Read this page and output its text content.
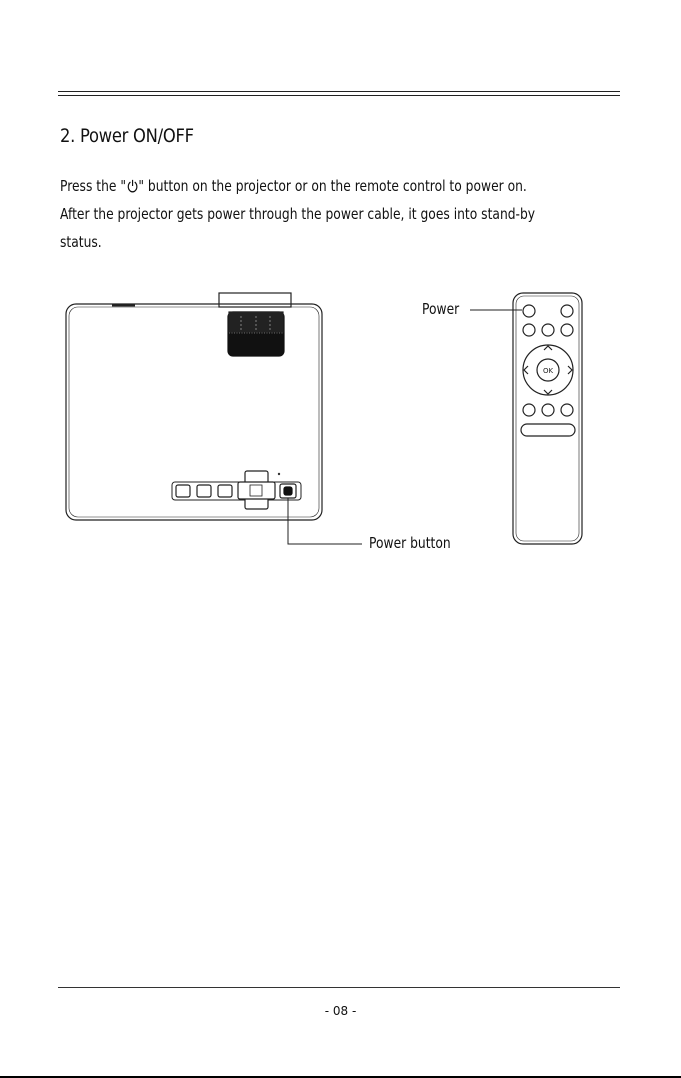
2. Power ON/OFF

Press the " " button on the projector or on the remote control to power on.

After the projector gets power through the power cable, it goes into stand-by

status.

OK
Power
Power button
- 08 -
